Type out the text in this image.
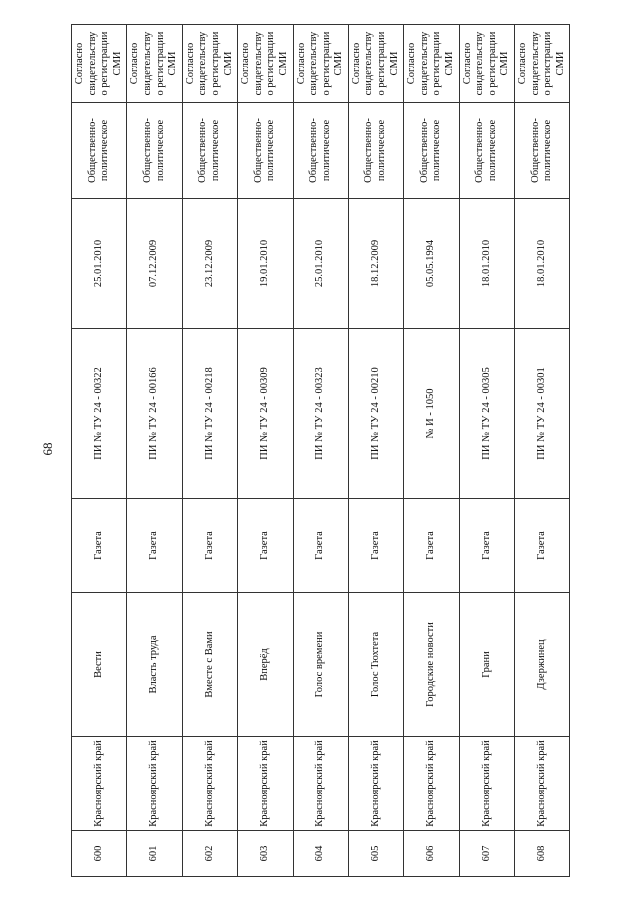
68
600	Красноярский край	Вести	Газета	ПИ № ТУ 24 - 00322	25.01.2010	Общественно-политическое	Согласно свидетельству о регистрации СМИ
601	Красноярский край	Власть труда	Газета	ПИ № ТУ 24 - 00166	07.12.2009	Общественно-политическое	Согласно свидетельству о регистрации СМИ
602	Красноярский край	Вместе с Вами	Газета	ПИ № ТУ 24 - 00218	23.12.2009	Общественно-политическое	Согласно свидетельству о регистрации СМИ
603	Красноярский край	Вперёд	Газета	ПИ № ТУ 24 - 00309	19.01.2010	Общественно-политическое	Согласно свидетельству о регистрации СМИ
604	Красноярский край	Голос времени	Газета	ПИ № ТУ 24 - 00323	25.01.2010	Общественно-политическое	Согласно свидетельству о регистрации СМИ
605	Красноярский край	Голос Тюхтета	Газета	ПИ № ТУ 24 - 00210	18.12.2009	Общественно-политическое	Согласно свидетельству о регистрации СМИ
606	Красноярский край	Городские новости	Газета	№ И - 1050	05.05.1994	Общественно-политическое	Согласно свидетельству о регистрации СМИ
607	Красноярский край	Грани	Газета	ПИ № ТУ 24 - 00305	18.01.2010	Общественно-политическое	Согласно свидетельству о регистрации СМИ
608	Красноярский край	Дзержинец	Газета	ПИ № ТУ 24 - 00301	18.01.2010	Общественно-политическое	Согласно свидетельству о регистрации СМИ
